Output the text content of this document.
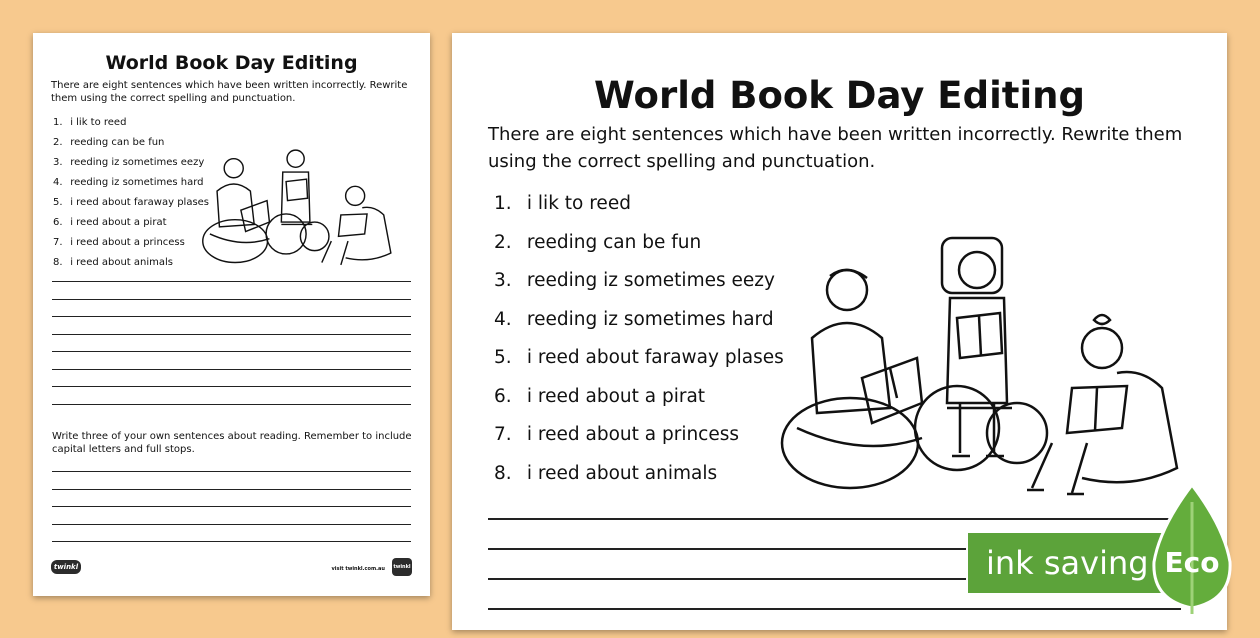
World Book Day Editing
There are eight sentences which have been written incorrectly. Rewrite them using the correct spelling and punctuation.
1. i lik to reed
2. reeding can be fun
3. reeding iz sometimes eezy
4. reeding iz sometimes hard
5. i reed about faraway plases
6. i reed about a pirat
7. i reed about a princess
8. i reed about animals
Write three of your own sentences about reading. Remember to include capital letters and full stops.
twinkl	visit twinkl.com.au twinkl
World Book Day Editing
There are eight sentences which have been written incorrectly. Rewrite them using the correct spelling and punctuation.
1. i lik to reed
2. reeding can be fun
3. reeding iz sometimes eezy
4. reeding iz sometimes hard
5. i reed about faraway plases
6. i reed about a pirat
7. i reed about a princess
8. i reed about animals
ink saving Eco
